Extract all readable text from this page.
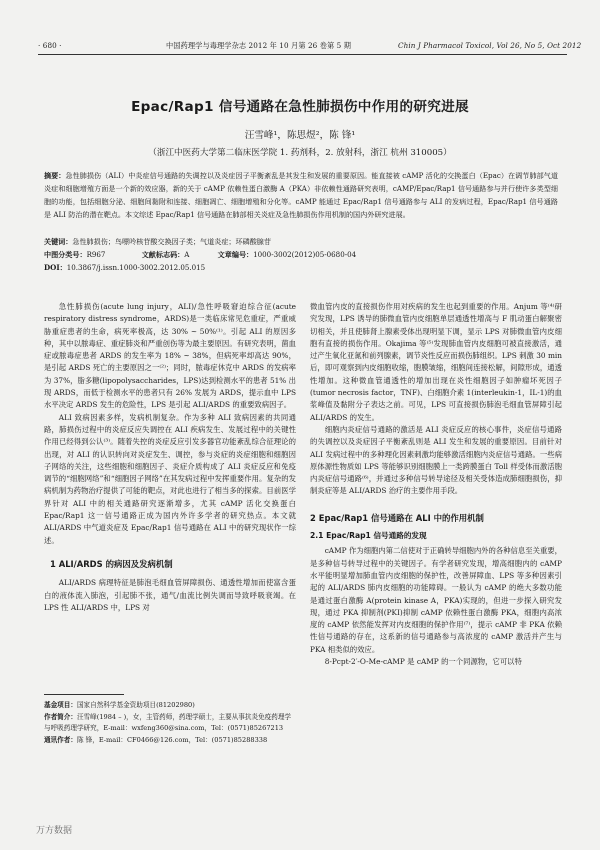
· 680 ·	中国药理学与毒理学杂志 2012 年 10 月第 26 卷第 5 期	Chin J Pharmacol Toxicol, Vol 26, No 5, Oct 2012
Epac/Rap1 信号通路在急性肺损伤中作用的研究进展
汪雪峰¹，陈思煜²，陈 锋¹
（浙江中医药大学第二临床医学院 1. 药剂科，2. 放射科，浙江 杭州 310005）
摘要：急性肺损伤（ALI）中炎症信号通路的失调控以及炎症因子平衡紊乱是其发生和发展的重要原因。能直接被 cAMP 活化的交换蛋白（Epac）在调节肺部气道炎症和细胞增殖方面是一个新的效应器，新的关于 cAMP 依赖性蛋白激酶 A（PKA）非依赖性通路研究表明，cAMP/Epac/Rap1 信号通路参与并行使许多类型细胞的功能，包括细胞分泌、细胞间黏附和连接、细胞凋亡、细胞增殖和分化等。cAMP 能通过 Epac/Rap1 信号通路参与 ALI 的发病过程，Epac/Rap1 信号通路是 ALI 防治的潜在靶点。本文综述 Epac/Rap1 信号通路在肺部相关炎症及急性肺损伤作用机制的国内外研究进展。
关键词：急性肺损伤；鸟嘌呤核苷酸交换因子类；气道炎症；环磷酸腺苷
中图分类号：R967	文献标志码：A	文章编号：1000-3002(2012)05-0680-04
DOI：10.3867/j.issn.1000-3002.2012.05.015

急性肺损伤(acute lung injury，ALI)/急性呼吸窘迫综合征(acute respiratory distress syndrome，ARDS)是一类临床常见危重症，严重威胁重症患者的生命，病死率极高，达 30% ~ 50%⁽¹⁾。引起 ALI 的原因多种，其中以脓毒症、重症肺炎和严重创伤等为最主要原因。有研究表明，菌血症或脓毒症患者 ARDS 的发生率为 18% ~ 38%，但病死率却高达 90%，是引起 ARDS 死亡的主要原因之一⁽²⁾；同时，脓毒症休克中 ARDS 的发病率为 37%，脂多糖(lipopolysaccharides，LPS)达到检测水平的患者 51% 出现 ARDS，而低于检测水平的患者只有 26% 发展为 ARDS，提示血中 LPS 水平决定 ARDS 发生的危险性，LPS 是引起 ALI/ARDS 的重要致病因子。

ALI 致病因素多样，发病机制复杂。作为多种 ALI 致病因素的共同通路，肺损伤过程中的炎症反应失调控在 ALI 疾病发生、发展过程中的关键性作用已经得到公认⁽³⁾。随着失控的炎症反应引发多器官功能紊乱综合征理论的出现，对 ALI 的认识转向对炎症发生、调控，参与炎症的炎症细胞和细胞因子网络的关注，这些细胞和细胞因子、炎症介质构成了 ALI 炎症反应和免疫调节的“细胞网络”和“细胞因子网络”在其发病过程中发挥重要作用。复杂的发病机制为药物治疗提供了可能的靶点，对此也进行了相当多的探索。目前医学界针对 ALI 中的相关通路研究逐渐增多，尤其 cAMP 活化交换蛋白 Epac/Rap1 这一信号通路正成为国内外许多学者的研究热点。本文就 ALI/ARDS 中气道炎症及 Epac/Rap1 信号通路在 ALI 中的研究现状作一综述。

1 ALI/ARDS 的病因及发病机制

ALI/ARDS 病理特征是肺泡毛细血管屏障损伤、通透性增加而使富含蛋白的液体流入肺泡，引起肺不张，通气/血流比例失调而导致呼吸衰竭。在 LPS 性 ALI/ARDS 中，LPS 对

基金项目：国家自然科学基金资助项目(81202980)
作者简介：汪雪峰(1984 – )，女，主管药师，药理学硕士，主要从事抗炎免疫药理学与呼吸药理学研究，E-mail：wxfeng360@sina.com，Tel：(0571)85267213
通讯作者：陈 锋，E-mail：CF0466@126.com，Tel：(0571)85288338

微血管内皮的直接损伤作用对疾病的发生也起到重要的作用。Anjum 等⁽⁴⁾研究发现，LPS 诱导的肺微血管内皮细胞单层通透性增高与 F 肌动蛋白解聚密切相关，并且使肺肾上腺素受体出现明显下调，显示 LPS 对肺微血管内皮细胞有直接的损伤作用。Okajima 等⁽⁵⁾发现肺血管内皮细胞可被直接激活，通过产生氧化亚氮和前列腺素，调节炎性反应而损伤肺组织。LPS 刺激 30 min 后，即可观察到内皮细胞收缩，胞膜皱缩，细胞间连接松解，间隙形成，通透性增加。这种微血管通透性的增加出现在炎性细胞因子如肿瘤坏死因子(tumor necrosis factor，TNF)、白细胞介素 1(interleukin-1，IL-1)的血浆峰值及黏附分子表达之前。可见，LPS 可直接损伤肺泡毛细血管屏障引起 ALI/ARDS 的发生。

细胞内炎症信号通路的激活是 ALI 炎症反应的核心事件，炎症信号通路的失调控以及炎症因子平衡紊乱则是 ALI 发生和发展的重要原因。目前针对 ALI 发病过程中的多种理化因素刺激均能够激活细胞内炎症信号通路。一些病原体源性物质如 LPS 等能够识别细胞膜上一类跨膜蛋白 Toll 样受体而激活胞内炎症信号通路⁽⁶⁾，并通过多种信号转导途径及相关受体造成肺细胞损伤，抑制炎症等是 ALI/ARDS 治疗的主要作用手段。

2 Epac/Rap1 信号通路在 ALI 中的作用机制
2.1 Epac/Rap1 信号通路的发现

cAMP 作为细胞内第二信使对于正确转导细胞内外的各种信息至关重要，是多种信号转导过程中的关键因子。有学者研究发现，增高细胞内的 cAMP 水平能明显增加肺血管内皮细胞的保护性，改善屏障血、LPS 等多种因素引起的 ALI/ARDS 肺内皮细胞的功能障碍。一般认为 cAMP 的绝大多数功能是通过蛋白激酶 A(protein kinase A，PKA)实现的，但进一步探入研究发现，通过 PKA 抑制剂(PKI)抑制 cAMP 依赖性蛋白激酶 PKA，细胞内高浓度的 cAMP 依然能发挥对内皮细胞的保护作用⁽⁷⁾，提示 cAMP 非 PKA 依赖性信号通路的存在，这系新的信号通路参与高浓度的 cAMP 激活并产生与 PKA 相类似的效应。

8-Pcpt-2′-O-Me-cAMP 是 cAMP 的一个同源物，它可以特

万方数据
